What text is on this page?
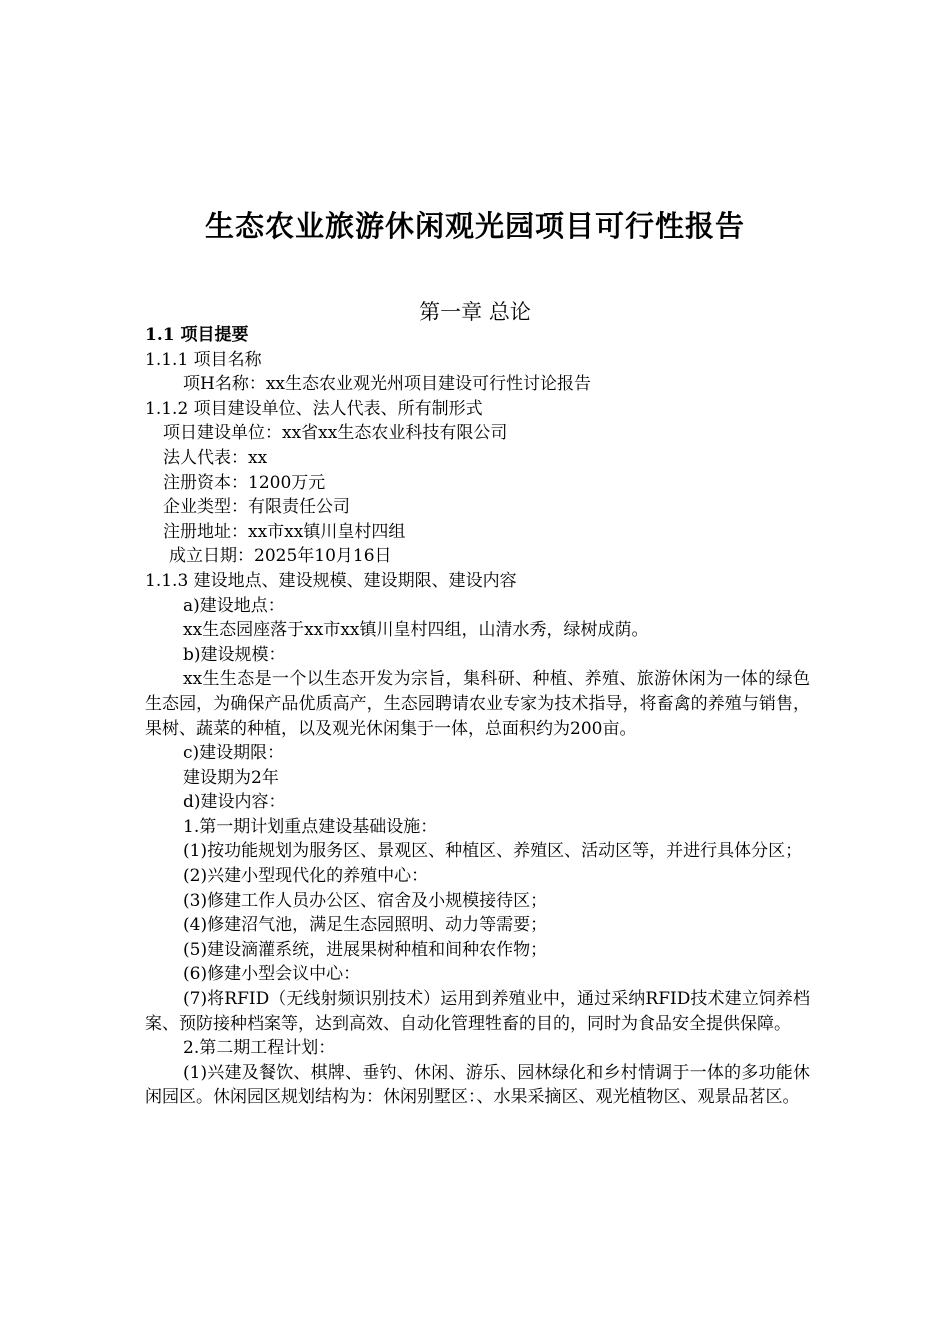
生态农业旅游休闲观光园项目可行性报告
第一章 总论

1.1 项目提要

1.1.1 项目名称

项H名称：xx生态农业观光州项目建设可行性讨论报告

1.1.2 项目建设单位、法人代表、所有制形式

项日建设单位：xx省xx生态农业科技有限公司

法人代表：xx

注册资本：1200万元

企业类型：有限责任公司

注册地址：xx市xx镇川皇村四组

成立日期：2025年10月16日

1.1.3 建设地点、建设规模、建设期限、建设内容

a)建设地点：

xx生态园座落于xx市xx镇川皇村四组，山清水秀，绿树成荫。

b)建设规模：

xx生生态是一个以生态开发为宗旨，集科研、种植、养殖、旅游休闲为一体的绿色生态园，为确保产品优质高产，生态园聘请农业专家为技术指导，将畜禽的养殖与销售，果树、蔬菜的种植，以及观光休闲集于一体，总面积约为200亩。

c)建设期限：

建设期为2年

d)建设内容：

1.第一期计划重点建设基础设施：

(1)按功能规划为服务区、景观区、种植区、养殖区、活动区等，并进行具体分区；

(2)兴建小型现代化的养殖中心：

(3)修建工作人员办公区、宿舍及小规模接待区；

(4)修建沼气池，满足生态园照明、动力等需要；

(5)建设滴灌系统，进展果树种植和间种农作物；

(6)修建小型会议中心：

(7)将RFID（无线射频识别技术）运用到养殖业中，通过采纳RFID技术建立饲养档案、预防接种档案等，达到高效、自动化管理牲畜的目的，同时为食品安全提供保障。

2.第二期工程计划：

(1)兴建及餐饮、棋牌、垂钓、休闲、游乐、园林绿化和乡村情调于一体的多功能休闲园区。休闲园区规划结构为：休闲别墅区：、水果采摘区、观光植物区、观景品茗区。
